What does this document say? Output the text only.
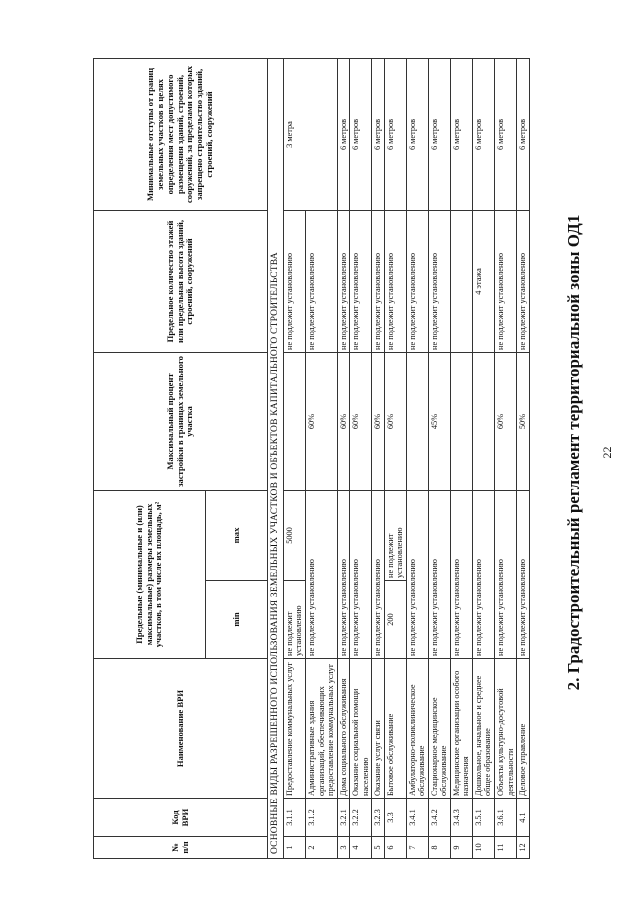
22
2. Градостроительный регламент территориальной зоны ОД1
№ п/п	Код ВРИ	Наименование ВРИ	Предельные (минимальные и (или) максимальные) размеры земельных участков, в том числе их площадь, м²		Максимальный процент застройки в границах земельного участка	Предельное количество этажей или предельная высота зданий, строений, сооружений	Минимальные отступы от границ земельных участков в целях определения мест допустимого размещения зданий, строений, сооружений, за пределами которых запрещено строительство зданий, строений, сооружений
			min	max			
ОСНОВНЫЕ ВИДЫ РАЗРЕШЕННОГО ИСПОЛЬЗОВАНИЯ ЗЕМЕЛЬНЫХ УЧАСТКОВ И ОБЪЕКТОВ КАПИТАЛЬНОГО СТРОИТЕЛЬСТВА							
1	3.1.1	Предоставление коммунальных услуг	не подлежит установлению	5000		не подлежит установлению	3 метра
2	3.1.2	Административные здания организаций, обеспечивающих предоставление коммунальных услуг	не подлежит установлению		60%	не подлежит установлению	
3	3.2.1	Дома социального обслуживания	не подлежит установлению		60%	не подлежит установлению	6 метров
4	3.2.2	Оказание социальной помощи населению	не подлежит установлению		60%	не подлежит установлению	6 метров
5	3.2.3	Оказание услуг связи	не подлежит установлению		60%	не подлежит установлению	6 метров
6	3.3	Бытовое обслуживание	200	не подлежит установлению	60%	не подлежит установлению	6 метров
7	3.4.1	Амбулаторно-поликлиническое обслуживание	не подлежит установлению			не подлежит установлению	6 метров
8	3.4.2	Стационарное медицинское обслуживание	не подлежит установлению		45%	не подлежит установлению	6 метров
9	3.4.3	Медицинские организации особого назначения	не подлежит установлению				6 метров
10	3.5.1	Дошкольное, начальное и среднее общее образование	не подлежит установлению			4 этажа	6 метров
11	3.6.1	Объекты культурно-досуговой деятельности	не подлежит установлению		60%	не подлежит установлению	6 метров
12	4.1	Деловое управление	не подлежит установлению		50%	не подлежит установлению	6 метров
